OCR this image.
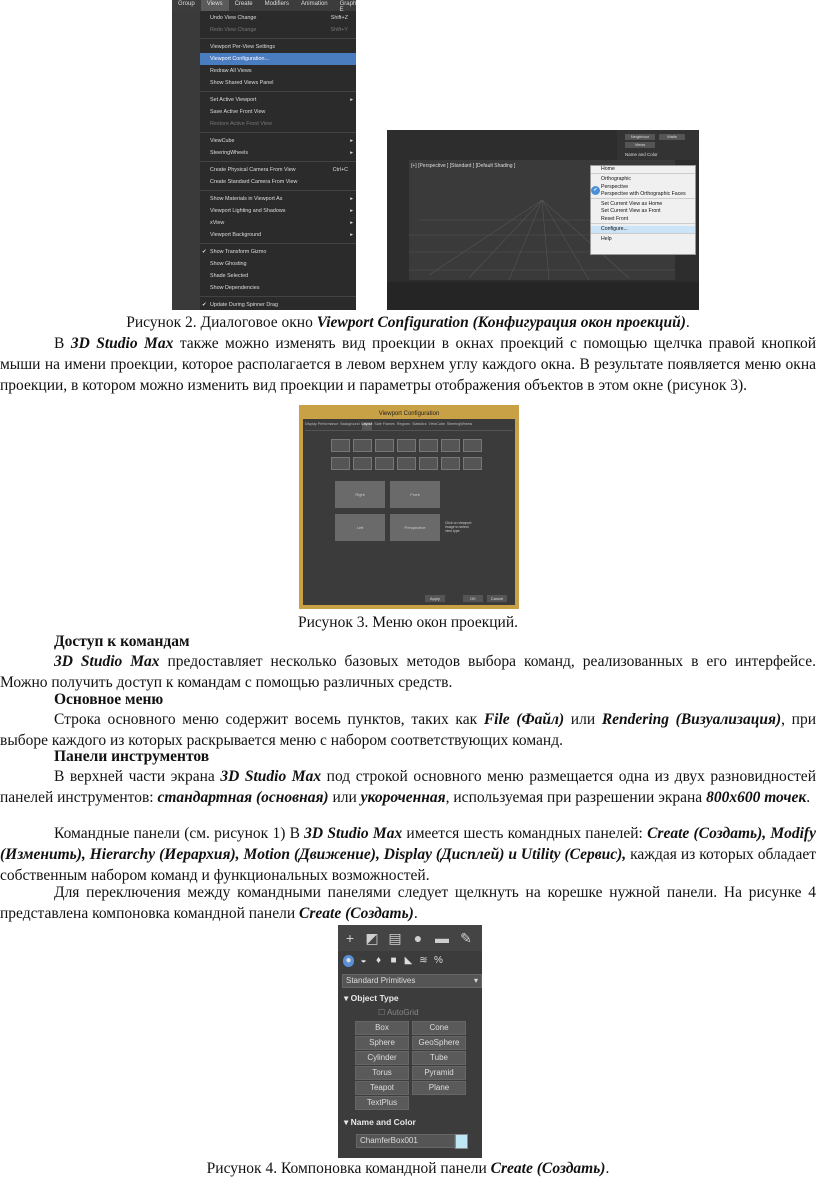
Group	Views	Create	Modifiers	Animation	Graph E
Undo View Change	Shift+Z
Redo View Change	Shift+Y
Viewport Per-View Settings
Viewport Configuration...
Redraw All Views
Show Shared Views Panel
Set Active Viewport	▸
Save Active Front View
Restore Active Front View
ViewCube	▸
SteeringWheels	▸
Create Physical Camera From View	Ctrl+C
Create Standard Camera From View
Show Materials in Viewport As	▸
Viewport Lighting and Shadows	▸
xView	▸
Viewport Background	▸
Show Transform Gizmo
✔
Show Ghosting
Shade Selected
Show Dependencies
Update During Spinner Drag
✔
Neighbour	Walls
Views
Name and Color
[+] [Perspective ] [Standard ] [Default Shading ]	Home
Orthographic
Perspective
Perspective with Orthographic Faces
Set Current View as Home
Set Current View as Front
Reset Front
Configure...
Help
✔

Рисунок 2. Диалоговое окно Viewport Configuration (Конфигурация окон проекций).

В 3D Studio Max также можно изменять вид проекции в окнах проекций с помощью щелчка правой кнопкой мыши на имени проекции, которое располагается в левом верхнем углу каждого окна. В результате появляется меню окна проекции, в котором можно изменить вид проекции и параметры отображения объектов в этом окне (рисунок 3).

Viewport Configuration
Display Performance Background Layout Safe Frames Regions Statistics ViewCube SteeringWheels
Right	Front
Left	Perspective
Click on viewport image to select view type
Apply	OK	Cancel

Рисунок 3. Меню окон проекций.

Доступ к командам

3D Studio Max предоставляет несколько базовых методов выбора команд, реализованных в его интерфейсе. Можно получить доступ к командам с помощью различных средств.

Основное меню

Строка основного меню содержит восемь пунктов, таких как File (Файл) или Rendering (Визуализация), при выборе каждого из которых раскрывается меню с набором соответствующих команд.

Панели инструментов

В верхней части экрана 3D Studio Max под строкой основного меню размещается одна из двух разновидностей панелей инструментов: стандартная (основная) или укороченная, используемая при разрешении экрана 800х600 точек.

Командные панели (см. рисунок 1) В 3D Studio Max имеется шесть командных панелей: Create (Создать), Modify (Изменить), Hierarchy (Иерархия), Motion (Движение), Display (Дисплей) и Utility (Сервис), каждая из которых обладает собственным набором команд и функциональных возможностей.

Для переключения между командными панелями следует щелкнуть на корешке нужной панели. На рисунке 4 представлена компоновка командной панели Create (Создать).

+ ◩ ▤ ● ▬ ✎
● ◒ ♦ ■ ◣ ≋ %
Standard Primitives	▾
▾ Object Type
☐ AutoGrid
Box	Cone
Sphere	GeoSphere
Cylinder	Tube
Torus	Pyramid
Teapot	Plane
TextPlus
▾ Name and Color
ChamferBox001

Рисунок 4. Компоновка командной панели Create (Создать).
